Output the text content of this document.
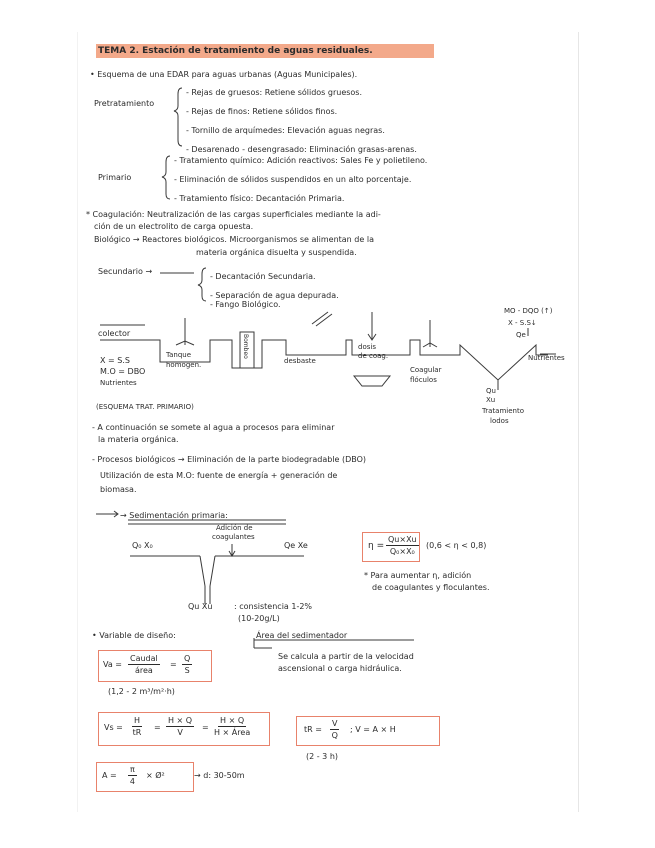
TEMA 2. Estación de tratamiento de aguas residuales.
• Esquema de una EDAR para aguas urbanas (Aguas Municipales).
Pretratamiento
- Rejas de gruesos: Retiene sólidos gruesos.
- Rejas de finos: Retiene sólidos finos.
- Tornillo de arquímedes: Elevación aguas negras.
- Desarenado - desengrasado: Eliminación grasas-arenas.
Primario
- Tratamiento químico: Adición reactivos: Sales Fe y polietileno.
- Eliminación de sólidos suspendidos en un alto porcentaje.
- Tratamiento físico: Decantación Primaria.
* Coagulación: Neutralización de las cargas superficiales mediante la adi-
ción de un electrolito de carga opuesta.
Biológico → Reactores biológicos. Microorganismos se alimentan de la
materia orgánica disuelta y suspendida.
Secundario →
- Decantación Secundaria.
- Separación de agua depurada.
- Fango Biológico.
colector
X = S.S
M.O = DBO
Nutrientes
Tanque
homogen.
Bombeo
desbaste
dosis
de coag.
Coagular
flóculos
MO - DQO (↑)
X - S.S↓
Qe
Nutrientes
Qu
Xu
Tratamiento
lodos
(ESQUEMA TRAT. PRIMARIO)
- A continuación se somete al agua a procesos para eliminar
la materia orgánica.
- Procesos biológicos → Eliminación de la parte biodegradable (DBO)
Utilización de esta M.O: fuente de energía + generación de
biomasa.
→ Sedimentación primaria:
Q₀ X₀
Adición de
coagulantes
Qe Xe
Qu Xu	: consistencia 1-2%
(10-20g/L)
$\eta = \frac{Qu\times Xu}{\text{Q₀×X₀}} (0,6 < \eta < 0,8)$
* Para aumentar η, adición
de coagulantes y floculantes.
• Variable de diseño:	Área del sedimentador
Se calcula a partir de la velocidad
ascensional o carga hidráulica.
Va =
Caudal
área
= $\frac{Q}{S}$
(1,2 - 2 m³/m²·h)
$Vs = \frac{H}{tR} = \frac{H \times Q}{V}$ =
H × Q
H × Área	tR = $\frac{V}{Q}$ ; V = A × H
(2 - 3 h)
$A = \frac{\pi}{4}$ × Ø²	→ d: 30-50m
